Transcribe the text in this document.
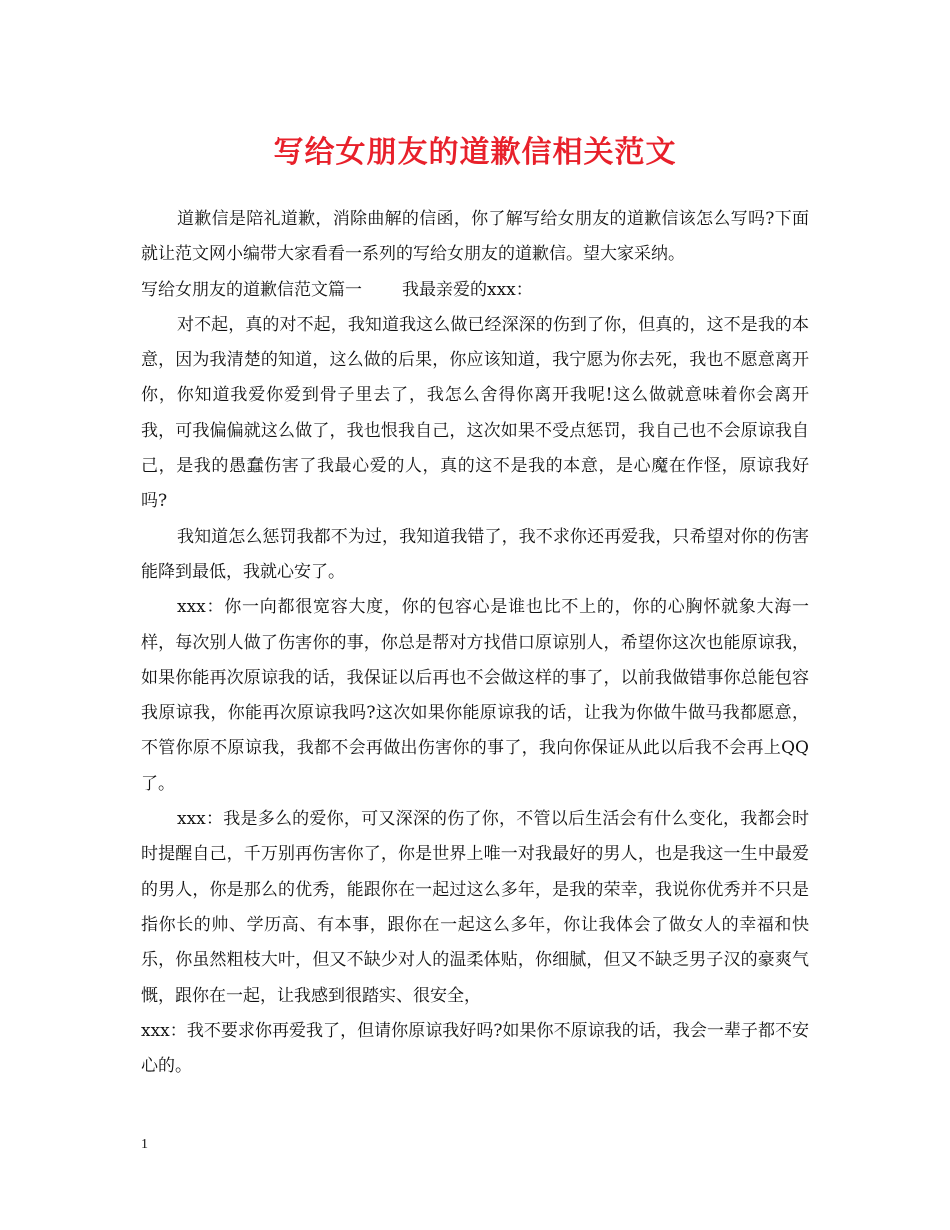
写给女朋友的道歉信相关范文

道歉信是陪礼道歉，消除曲解的信函，你了解写给女朋友的道歉信该怎么写吗?下面就让范文网小编带大家看看一系列的写给女朋友的道歉信。望大家采纳。

写给女朋友的道歉信范文篇一 我最亲爱的xxx：

对不起，真的对不起，我知道我这么做已经深深的伤到了你，但真的，这不是我的本意，因为我清楚的知道，这么做的后果，你应该知道，我宁愿为你去死，我也不愿意离开你，你知道我爱你爱到骨子里去了，我怎么舍得你离开我呢!这么做就意味着你会离开我，可我偏偏就这么做了，我也恨我自己，这次如果不受点惩罚，我自己也不会原谅我自己，是我的愚蠢伤害了我最心爱的人，真的这不是我的本意，是心魔在作怪，原谅我好吗?

我知道怎么惩罚我都不为过，我知道我错了，我不求你还再爱我，只希望对你的伤害能降到最低，我就心安了。

xxx：你一向都很宽容大度，你的包容心是谁也比不上的，你的心胸怀就象大海一样，每次别人做了伤害你的事，你总是帮对方找借口原谅别人，希望你这次也能原谅我，如果你能再次原谅我的话，我保证以后再也不会做这样的事了，以前我做错事你总能包容我原谅我，你能再次原谅我吗?这次如果你能原谅我的话，让我为你做牛做马我都愿意，不管你原不原谅我，我都不会再做出伤害你的事了，我向你保证从此以后我不会再上QQ了。

xxx：我是多么的爱你，可又深深的伤了你，不管以后生活会有什么变化，我都会时时提醒自己，千万别再伤害你了，你是世界上唯一对我最好的男人，也是我这一生中最爱的男人，你是那么的优秀，能跟你在一起过这么多年，是我的荣幸，我说你优秀并不只是指你长的帅、学历高、有本事，跟你在一起这么多年，你让我体会了做女人的幸福和快乐，你虽然粗枝大叶，但又不缺少对人的温柔体贴，你细腻，但又不缺乏男子汉的豪爽气慨，跟你在一起，让我感到很踏实、很安全，

xxx：我不要求你再爱我了，但请你原谅我好吗?如果你不原谅我的话，我会一辈子都不安心的。

1
